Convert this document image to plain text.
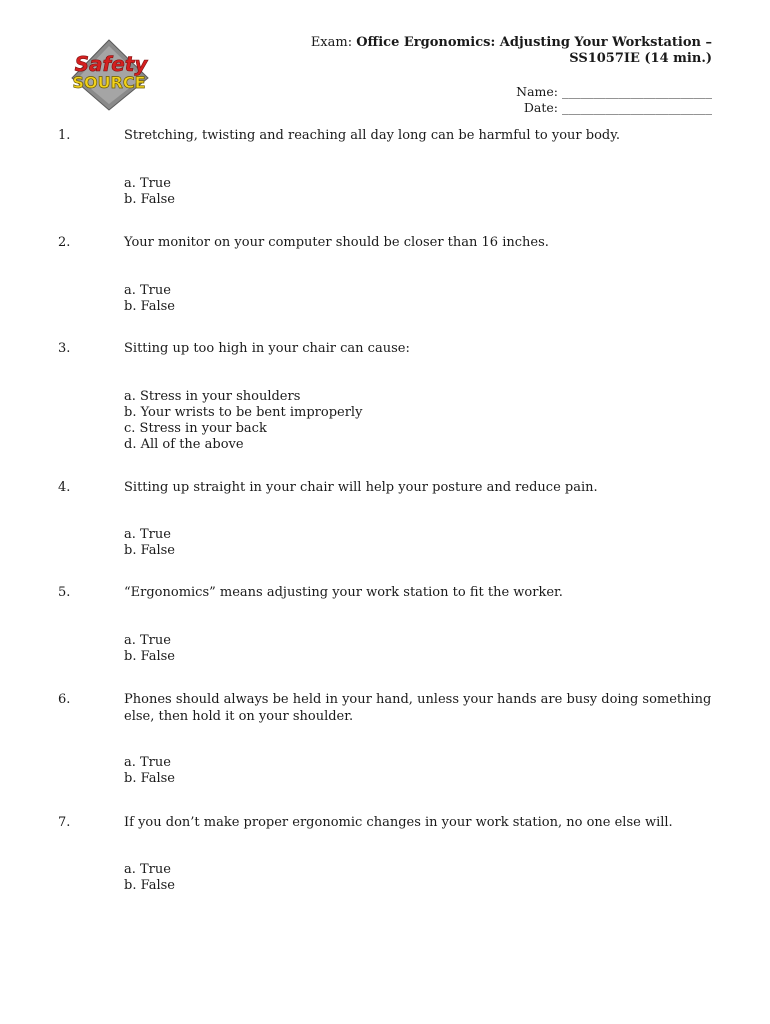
Safety
SOURCE
Exam: Office Ergonomics: Adjusting Your Workstation –
SS1057IE (14 min.)
Name: ________________________
Date: ________________________
1.	Stretching, twisting and reaching all day long can be harmful to your body.
a. True
b. False
2.	Your monitor on your computer should be closer than 16 inches.
a. True
b. False
3.	Sitting up too high in your chair can cause:
a. Stress in your shoulders
b. Your wrists to be bent improperly
c. Stress in your back
d. All of the above
4.	Sitting up straight in your chair will help your posture and reduce pain.
a. True
b. False
5.	“Ergonomics” means adjusting your work station to fit the worker.
a. True
b. False
6.	Phones should always be held in your hand, unless your hands are busy doing something else, then hold it on your shoulder.
a. True
b. False
7.	If you don’t make proper ergonomic changes in your work station, no one else will.
a. True
b. False
